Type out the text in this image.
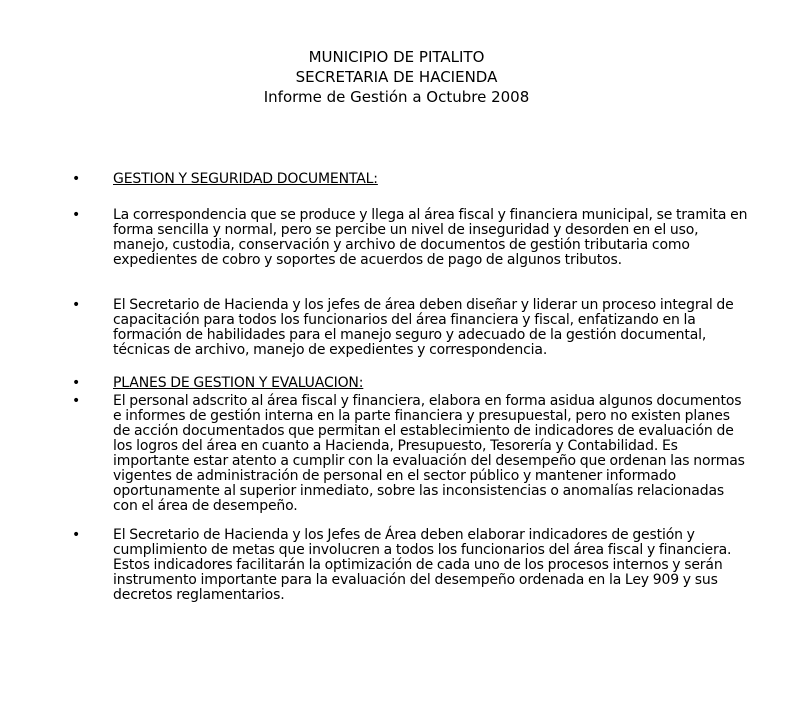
MUNICIPIO DE PITALITO
SECRETARIA DE HACIENDA
Informe de Gestión a Octubre 2008
• GESTION Y SEGURIDAD DOCUMENTAL:
• La correspondencia que se produce y llega al área fiscal y financiera municipal, se tramita en forma sencilla y normal, pero se percibe un nivel de inseguridad y desorden en el uso, manejo, custodia, conservación y archivo de documentos de gestión tributaria como expedientes de cobro y soportes de acuerdos de pago de algunos tributos.
• El Secretario de Hacienda y los jefes de área deben diseñar y liderar un proceso integral de capacitación para todos los funcionarios del área financiera y fiscal, enfatizando en la formación de habilidades para el manejo seguro y adecuado de la gestión documental, técnicas de archivo, manejo de expedientes y correspondencia.
• PLANES DE GESTION Y EVALUACION:
• El personal adscrito al área fiscal y financiera, elabora en forma asidua algunos documentos e informes de gestión interna en la parte financiera y presupuestal, pero no existen planes de acción documentados que permitan el establecimiento de indicadores de evaluación de los logros del área en cuanto a Hacienda, Presupuesto, Tesorería y Contabilidad. Es importante estar atento a cumplir con la evaluación del desempeño que ordenan las normas vigentes de administración de personal en el sector público y mantener informado oportunamente al superior inmediato, sobre las inconsistencias o anomalías relacionadas con el área de desempeño.
• El Secretario de Hacienda y los Jefes de Área deben elaborar indicadores de gestión y cumplimiento de metas que involucren a todos los funcionarios del área fiscal y financiera. Estos indicadores facilitarán la optimización de cada uno de los procesos internos y serán instrumento importante para la evaluación del desempeño ordenada en la Ley 909 y sus decretos reglamentarios.
